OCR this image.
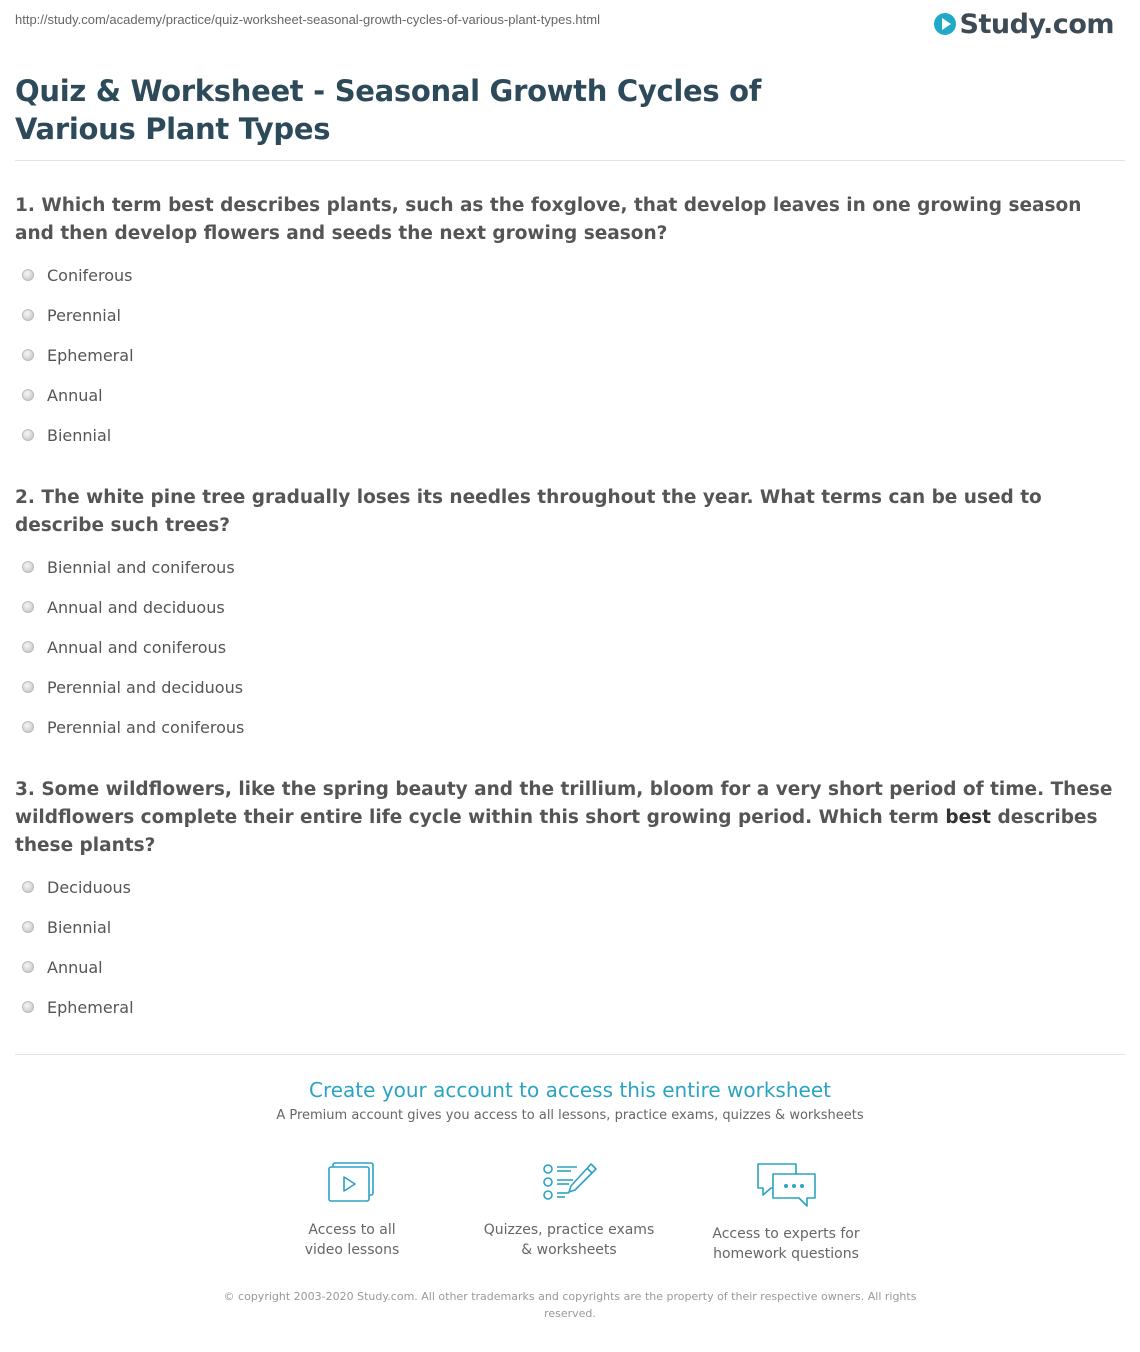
http://study.com/academy/practice/quiz-worksheet-seasonal-growth-cycles-of-various-plant-types.html	Study.com
Quiz & Worksheet - Seasonal Growth Cycles of Various Plant Types
1. Which term best describes plants, such as the foxglove, that develop leaves in one growing season and then develop flowers and seeds the next growing season?
Coniferous
Perennial
Ephemeral
Annual
Biennial
2. The white pine tree gradually loses its needles throughout the year. What terms can be used to describe such trees?
Biennial and coniferous
Annual and deciduous
Annual and coniferous
Perennial and deciduous
Perennial and coniferous
3. Some wildflowers, like the spring beauty and the trillium, bloom for a very short period of time. These wildflowers complete their entire life cycle within this short growing period. Which term best describes these plants?
Deciduous
Biennial
Annual
Ephemeral
Create your account to access this entire worksheet
A Premium account gives you access to all lessons, practice exams, quizzes & worksheets
Access to all
video lessons
Quizzes, practice exams
& worksheets
Access to experts for
homework questions
© copyright 2003-2020 Study.com. All other trademarks and copyrights are the property of their respective owners. All rights reserved.
